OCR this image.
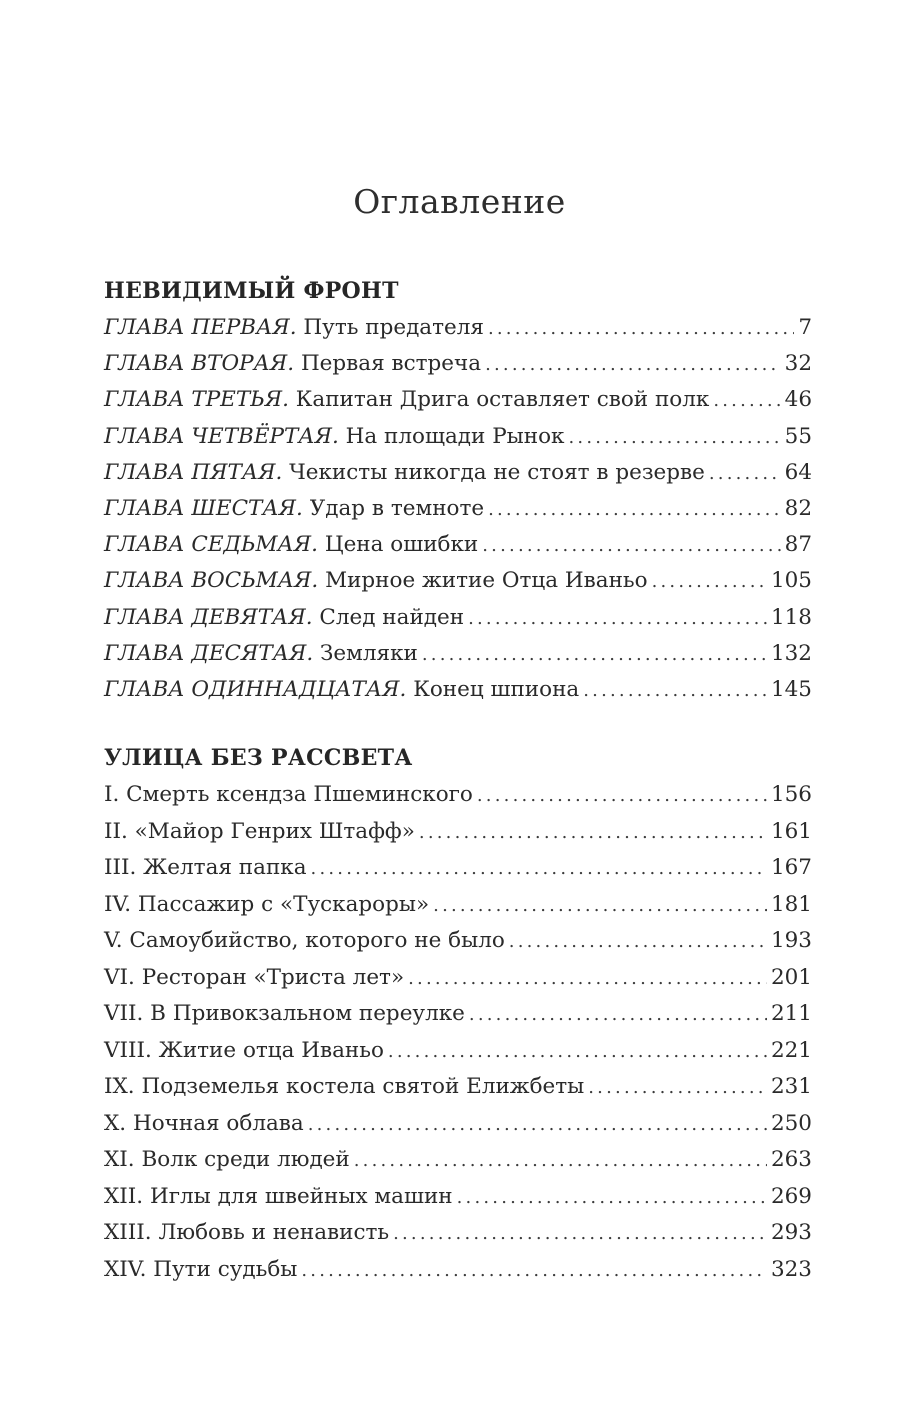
Оглавление
НЕВИДИМЫЙ ФРОНТ
ГЛАВА ПЕРВАЯ. Путь предателя .....	7
ГЛАВА ВТОРАЯ. Первая встреча .....	32
ГЛАВА ТРЕТЬЯ. Капитан Дрига оставляет свой полк .....	46
ГЛАВА ЧЕТВЁРТАЯ. На площади Рынок .....	55
ГЛАВА ПЯТАЯ. Чекисты никогда не стоят в резерве .....	64
ГЛАВА ШЕСТАЯ. Удар в темноте .....	82
ГЛАВА СЕДЬМАЯ. Цена ошибки .....	87
ГЛАВА ВОСЬМАЯ. Мирное житие Отца Иваньо .....	105
ГЛАВА ДЕВЯТАЯ. След найден .....	118
ГЛАВА ДЕСЯТАЯ. Земляки .....	132
ГЛАВА ОДИННАДЦАТАЯ. Конец шпиона .....	145
УЛИЦА БЕЗ РАССВЕТА
I. Смерть ксендза Пшеминского .....	156
II. «Майор Генрих Штафф» .....	161
III. Желтая папка .....	167
IV. Пассажир с «Тускароры» .....	181
V. Самоубийство, которого не было .....	193
VI. Ресторан «Триста лет» .....	201
VII. В Привокзальном переулке .....	211
VIII. Житие отца Иваньо .....	221
IX. Подземелья костела святой Елижбеты .....	231
X. Ночная облава .....	250
XI. Волк среди людей .....	263
XII. Иглы для швейных машин .....	269
XIII. Любовь и ненависть .....	293
XIV. Пути судьбы .....	323
